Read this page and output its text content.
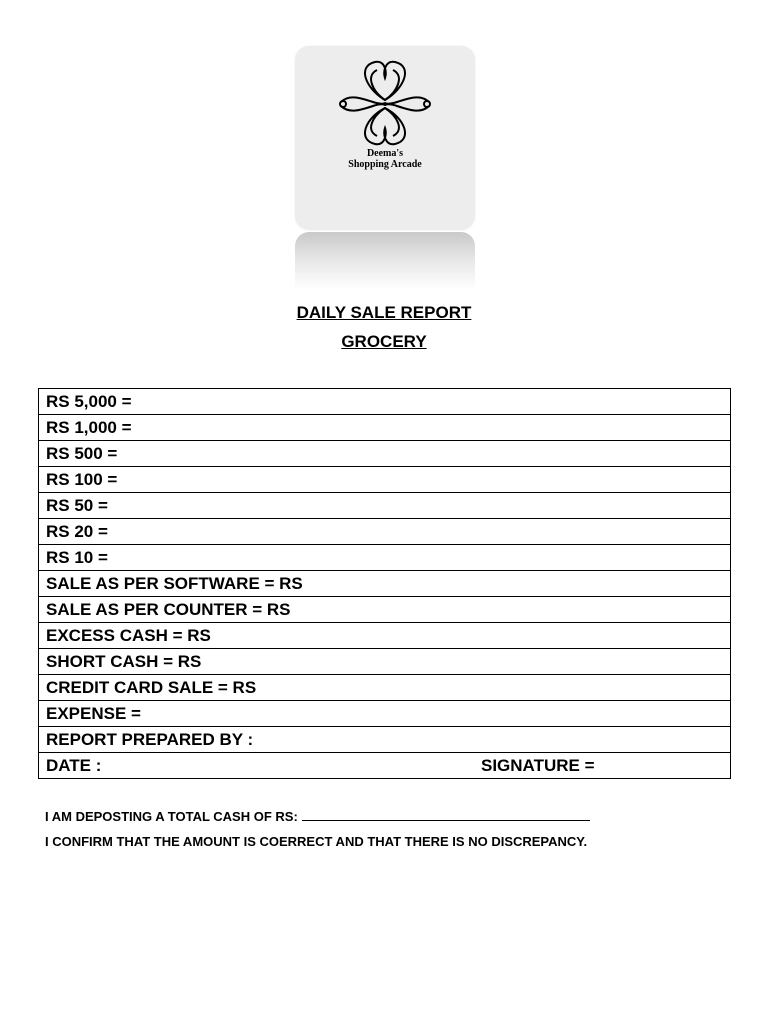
Deema's
Shopping Arcade
DAILY SALE REPORT
GROCERY
RS 5,000 =
RS 1,000 =
RS 500 =
RS 100 =
RS 50 =
RS 20 =
RS 10 =
SALE AS PER SOFTWARE = RS
SALE AS PER COUNTER = RS
EXCESS CASH = RS
SHORT CASH = RS
CREDIT CARD SALE = RS
EXPENSE =
REPORT PREPARED BY :
DATE :	SIGNATURE =
I AM DEPOSTING A TOTAL CASH OF RS:
I CONFIRM THAT THE AMOUNT IS COERRECT AND THAT THERE IS NO DISCREPANCY.
